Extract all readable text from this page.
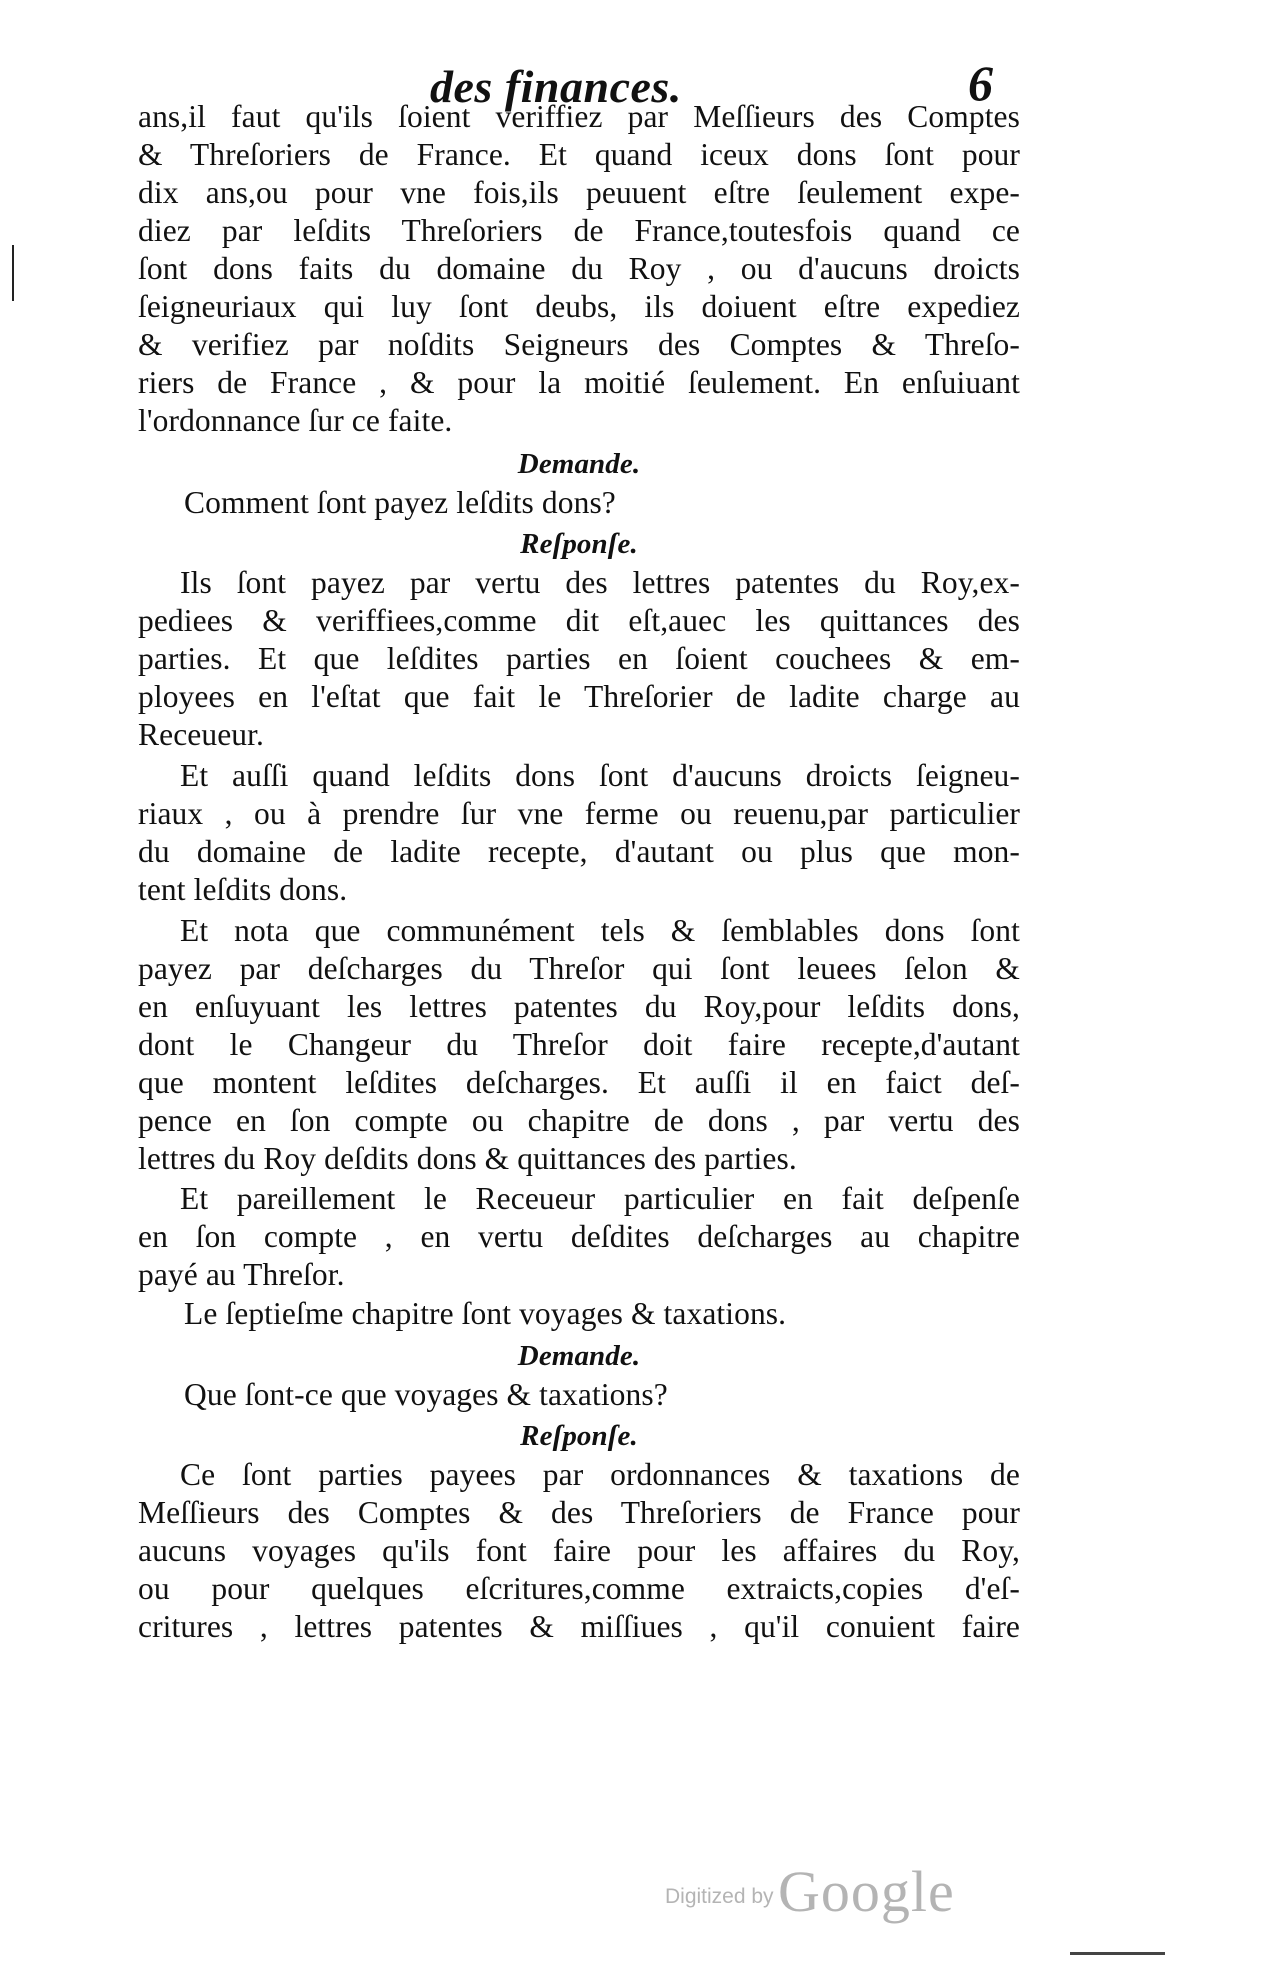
des finances.	6
ans,il faut qu'ils ſoient veriffiez par Meſſieurs des Comptes
& Threſoriers de France. Et quand iceux dons ſont pour
dix ans,ou pour vne fois,ils peuuent eſtre ſeulement expe-
diez par leſdits Threſoriers de France,toutesfois quand ce
ſont dons faits du domaine du Roy , ou d'aucuns droicts
ſeigneuriaux qui luy ſont deubs, ils doiuent eſtre expediez
& verifiez par noſdits Seigneurs des Comptes & Threſo-
riers de France , & pour la moitié ſeulement. En enſuiuant
l'ordonnance ſur ce faite.
Demande.
Comment ſont payez leſdits dons?
Reſponſe.
Ils ſont payez par vertu des lettres patentes du Roy,ex-
pediees & veriffiees,comme dit eſt,auec les quittances des
parties. Et que leſdites parties en ſoient couchees & em-
ployees en l'eſtat que fait le Threſorier de ladite charge au
Receueur.
Et auſſi quand leſdits dons ſont d'aucuns droicts ſeigneu-
riaux , ou à prendre ſur vne ferme ou reuenu,par particulier
du domaine de ladite recepte, d'autant ou plus que mon-
tent leſdits dons.
Et nota que communément tels & ſemblables dons ſont
payez par deſcharges du Threſor qui ſont leuees ſelon &
en enſuyuant les lettres patentes du Roy,pour leſdits dons,
dont le Changeur du Threſor doit faire recepte,d'autant
que montent leſdites deſcharges. Et auſſi il en faict deſ-
pence en ſon compte ou chapitre de dons , par vertu des
lettres du Roy deſdits dons & quittances des parties.
Et pareillement le Receueur particulier en fait deſpenſe
en ſon compte , en vertu deſdites deſcharges au chapitre
payé au Threſor.
Le ſeptieſme chapitre ſont voyages & taxations.
Demande.
Que ſont-ce que voyages & taxations?
Reſponſe.
Ce ſont parties payees par ordonnances & taxations de
Meſſieurs des Comptes & des Threſoriers de France pour
aucuns voyages qu'ils font faire pour les affaires du Roy,
ou pour quelques eſcritures,comme extraicts,copies d'eſ-
critures , lettres patentes & miſſiues , qu'il conuient faire
Digitized by Google
